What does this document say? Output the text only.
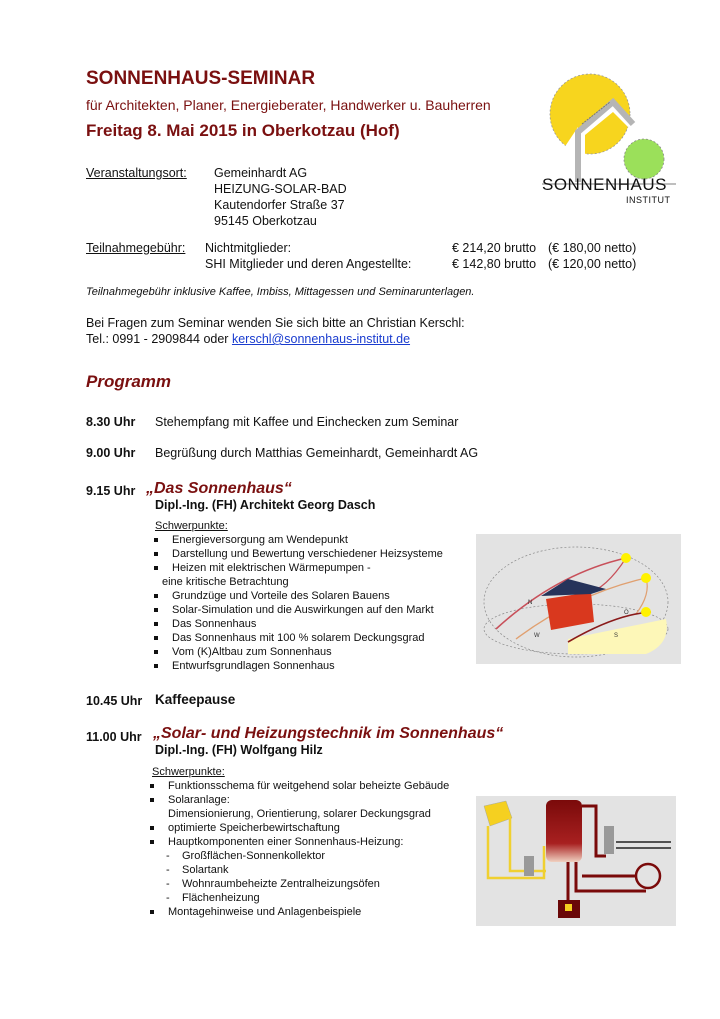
SONNENHAUS-SEMINAR
für Architekten, Planer, Energieberater, Handwerker u. Bauherren
Freitag 8. Mai 2015 in Oberkotzau (Hof)
SONNENHAUS
INSTITUT
Veranstaltungsort: Gemeinhardt AG
HEIZUNG-SOLAR-BAD
Kautendorfer Straße 37
95145 Oberkotzau
Teilnahmegebühr: Nichtmitglieder:
SHI Mitglieder und deren Angestellte:
€ 214,20 brutto
€ 142,80 brutto
(€ 180,00 netto)
(€ 120,00 netto)
Teilnahmegebühr inklusive Kaffee, Imbiss, Mittagessen und Seminarunterlagen.
Bei Fragen zum Seminar wenden Sie sich bitte an Christian Kerschl:
Tel.: 0991 - 2909844 oder kerschl@sonnenhaus-institut.de
Programm
8.30 Uhr Stehempfang mit Kaffee und Einchecken zum Seminar
9.00 Uhr Begrüßung durch Matthias Gemeinhardt, Gemeinhardt AG
9.15 Uhr „Das Sonnenhaus“
Dipl.-Ing. (FH) Architekt Georg Dasch
Schwerpunkte:
Energieversorgung am Wendepunkt
Darstellung und Bewertung verschiedener Heizsysteme
Heizen mit elektrischen Wärmepumpen -
eine kritische Betrachtung
Grundzüge und Vorteile des Solaren Bauens
Solar-Simulation und die Auswirkungen auf den Markt
Das Sonnenhaus
Das Sonnenhaus mit 100 % solarem Deckungsgrad
Vom (K)Altbau zum Sonnenhaus
Entwurfsgrundlagen Sonnenhaus
N
O
S
W
10.45 Uhr Kaffeepause
11.00 Uhr „Solar- und Heizungstechnik im Sonnenhaus“
Dipl.-Ing. (FH) Wolfgang Hilz
Schwerpunkte:
Funktionsschema für weitgehend solar beheizte Gebäude
Solaranlage:
Dimensionierung, Orientierung, solarer Deckungsgrad
optimierte Speicherbewirtschaftung
Hauptkomponenten einer Sonnenhaus-Heizung:
- Großflächen-Sonnenkollektor
- Solartank
- Wohnraumbeheizte Zentralheizungsöfen
- Flächenheizung
Montagehinweise und Anlagenbeispiele
